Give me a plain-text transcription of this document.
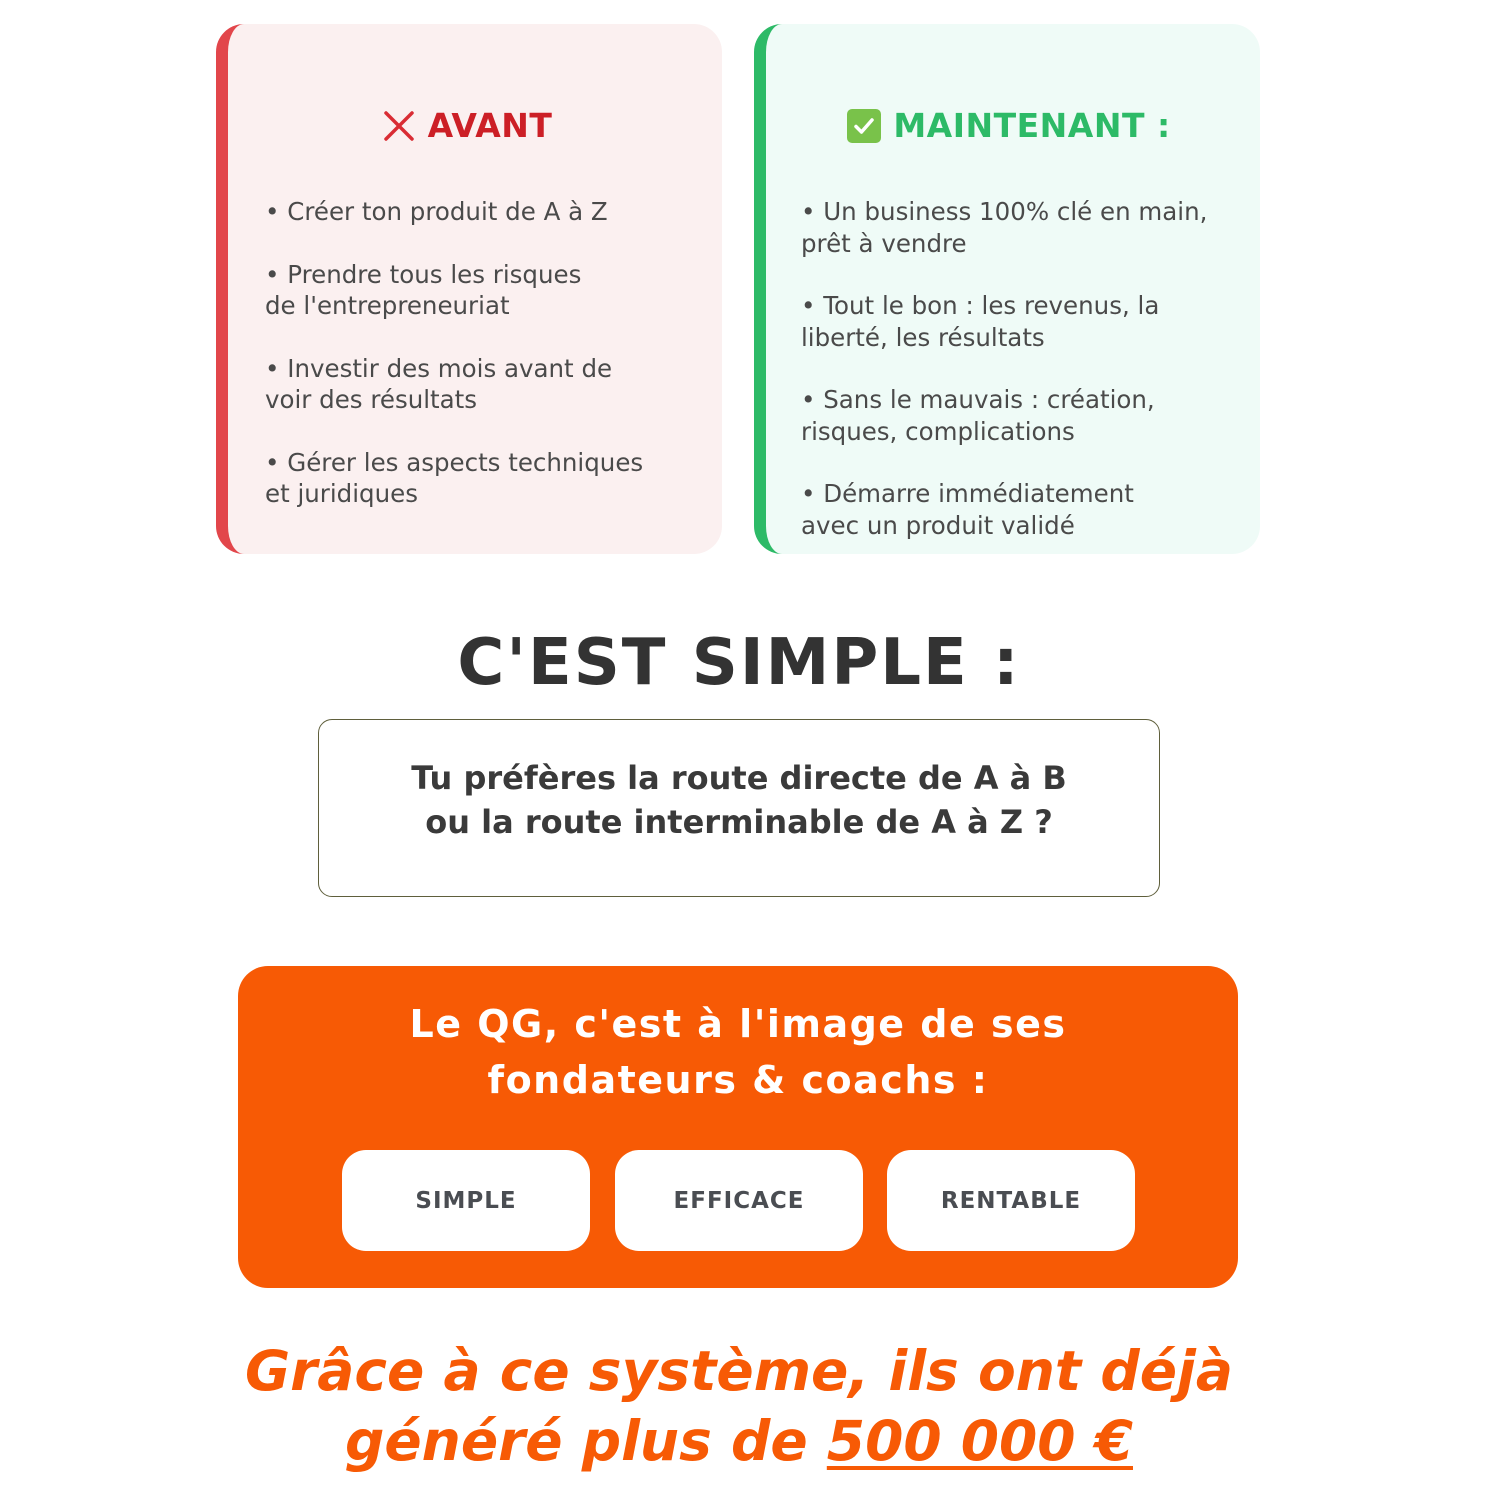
AVANT
• Créer ton produit de A à Z
• Prendre tous les risques
de l'entrepreneuriat
• Investir des mois avant de
voir des résultats
• Gérer les aspects techniques
et juridiques
MAINTENANT :
• Un business 100% clé en main,
prêt à vendre
• Tout le bon : les revenus, la
liberté, les résultats
• Sans le mauvais : création,
risques, complications
• Démarre immédiatement
avec un produit validé
C'EST SIMPLE :
Tu préfères la route directe de A à B
ou la route interminable de A à Z ?
Le QG, c'est à l'image de ses
fondateurs & coachs :
SIMPLE	EFFICACE	RENTABLE
Grâce à ce système, ils ont déjà
généré plus de 500 000 €
